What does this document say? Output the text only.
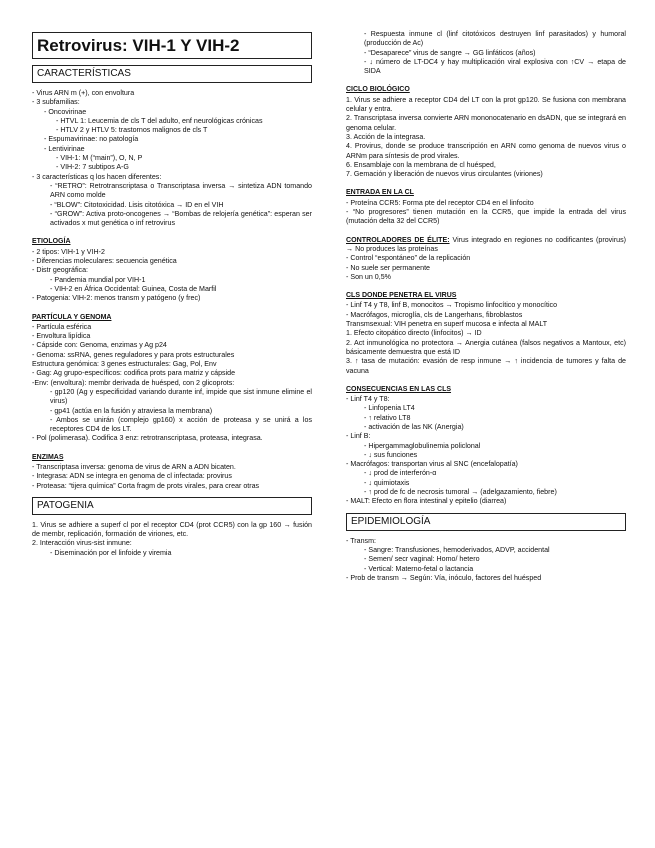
Retrovirus: VIH-1 Y VIH-2
CARACTERÍSTICAS
- Virus ARN m (+), con envoltura
- 3 subfamilias:
- Oncovirinae
- HTVL 1: Leucemia de cls T del adulto, enf neurológicas crónicas
- HTLV 2 y HTLV 5: trastornos malignos de cls T
- Espumavirinae: no patología
- Lentivirinae
- VIH-1: M (“main”), O, N, P
- VIH-2: 7 subtipos A-G
- 3 características q los hacen diferentes:
- “RETRO”: Retrotranscriptasa o Transcriptasa inversa → sintetiza ADN tomando ARN como molde
- “BLOW”: Citotoxicidad. Lisis citotóxica → ID en el VIH
- “GROW”: Activa proto-oncogenes → “Bombas de relojería genética”: esperan ser activados x mut genética o inf retrovirus
ETIOLOGÍA
- 2 tipos: VIH-1 y VIH-2
- Diferencias moleculares: secuencia genética
- Distr geográfica:
- Pandemia mundial por VIH-1
- VIH-2 en África Occidental: Guinea, Costa de Marfil
- Patogenia: VIH-2: menos transm y patógeno (y frec)
PARTÍCULA Y GENOMA
- Partícula esférica
- Envoltura lipídica
- Cápside con: Genoma, enzimas y Ag p24
- Genoma: ssRNA, genes reguladores y para prots estructurales
Estructura genómica: 3 genes estructurales: Gag, Pol, Env
- Gag: Ag grupo-específicos: codifica prots para matriz y cápside
-Env: (envoltura): membr derivada de huésped, con 2 glicoprots:
- gp120 (Ag y especificidad variando durante inf, impide que sist inmune elimine el virus)
- gp41 (actúa en la fusión y atraviesa la membrana)
- Ambos se unirán (complejo gp160) x acción de proteasa y se unirá a los receptores CD4 de los LT.
- Pol (polimerasa). Codifica 3 enz: retrotranscriptasa, proteasa, integrasa.
ENZIMAS
- Transcriptasa inversa: genoma de virus de ARN a ADN bicaten.
- Integrasa: ADN se integra en genoma de cl infectada: provirus
- Proteasa: “tijera química” Corta fragm de prots virales, para crear otras
PATOGENIA
1. Virus se adhiere a superf cl por el receptor CD4 (prot CCR5) con la gp 160 → fusión de membr, replicación, formación de viriones, etc.
2. Interacción virus-sist inmune:
- Diseminación por el linfoide y viremia
- Respuesta inmune cl (linf citotóxicos destruyen linf parasitados) y humoral (producción de Ac)
- “Desaparece” virus de sangre → GG linfáticos (años)
- ↓ número de LT-DC4 y hay multiplicación viral explosiva con ↑CV → etapa de SIDA
CICLO BIOLÓGICO
1. Virus se adhiere a receptor CD4 del LT con la prot gp120. Se fusiona con membrana celular y entra.
2. Transcriptasa inversa convierte ARN mononocatenario en dsADN, que se integrará en genoma celular.
3. Acción de la integrasa.
4. Provirus, donde se produce transcripción en ARN como genoma de nuevos virus o ARNm para síntesis de prod virales.
6. Ensamblaje con la membrana de cl huésped,
7. Gemación y liberación de nuevos virus circulantes (viriones)
ENTRADA EN LA CL
- Proteína CCR5: Forma pte del receptor CD4 en el linfocito
- “No progresores” tienen mutación en la CCR5, que impide la entrada del virus (mutación delta 32 del CCR5)
CONTROLADORES DE ÉLITE: Virus integrado en regiones no codificantes (provirus) → No produces las proteínas
- Control “espontáneo” de la replicación
- No suele ser permanente
- Son un 0,5%
CLS DONDE PENETRA EL VIRUS
- Linf T4 y T8, linf B, monocitos → Tropismo linfocítico y monocítico
- Macrófagos, microglía, cls de Langerhans, fibroblastos
Transmsexual: VIH penetra en superf mucosa e infecta al MALT
1. Efecto citopático directo (linfocitos) → ID
2. Act inmunológica no protectora → Anergia cutánea (falsos negativos a Mantoux, etc) básicamente demuestra que está ID
3. ↑ tasa de mutación: evasión de resp inmune → ↑ incidencia de tumores y falta de vacuna
CONSECUENCIAS EN LAS CLS
- Linf T4 y T8:
- Linfopenia LT4
- ↑ relativo LT8
- activación de las NK (Anergia)
- Linf B:
- Hipergammaglobulinemia policlonal
- ↓ sus funciones
- Macrófagos: transportan virus al SNC (encefalopatía)
- ↓ prod de interferón-α
- ↓ quimiotaxis
- ↑ prod de fc de necrosis tumoral → (adelgazamiento, fiebre)
- MALT: Efecto en flora intestinal y epitelio (diarrea)
EPIDEMIOLOGÍA
- Transm:
- Sangre: Transfusiones, hemoderivados, ADVP, accidental
- Semen/ secr vaginal: Homo/ hetero
- Vertical: Materno-fetal o lactancia
- Prob de transm → Según: Vía, inóculo, factores del huésped
